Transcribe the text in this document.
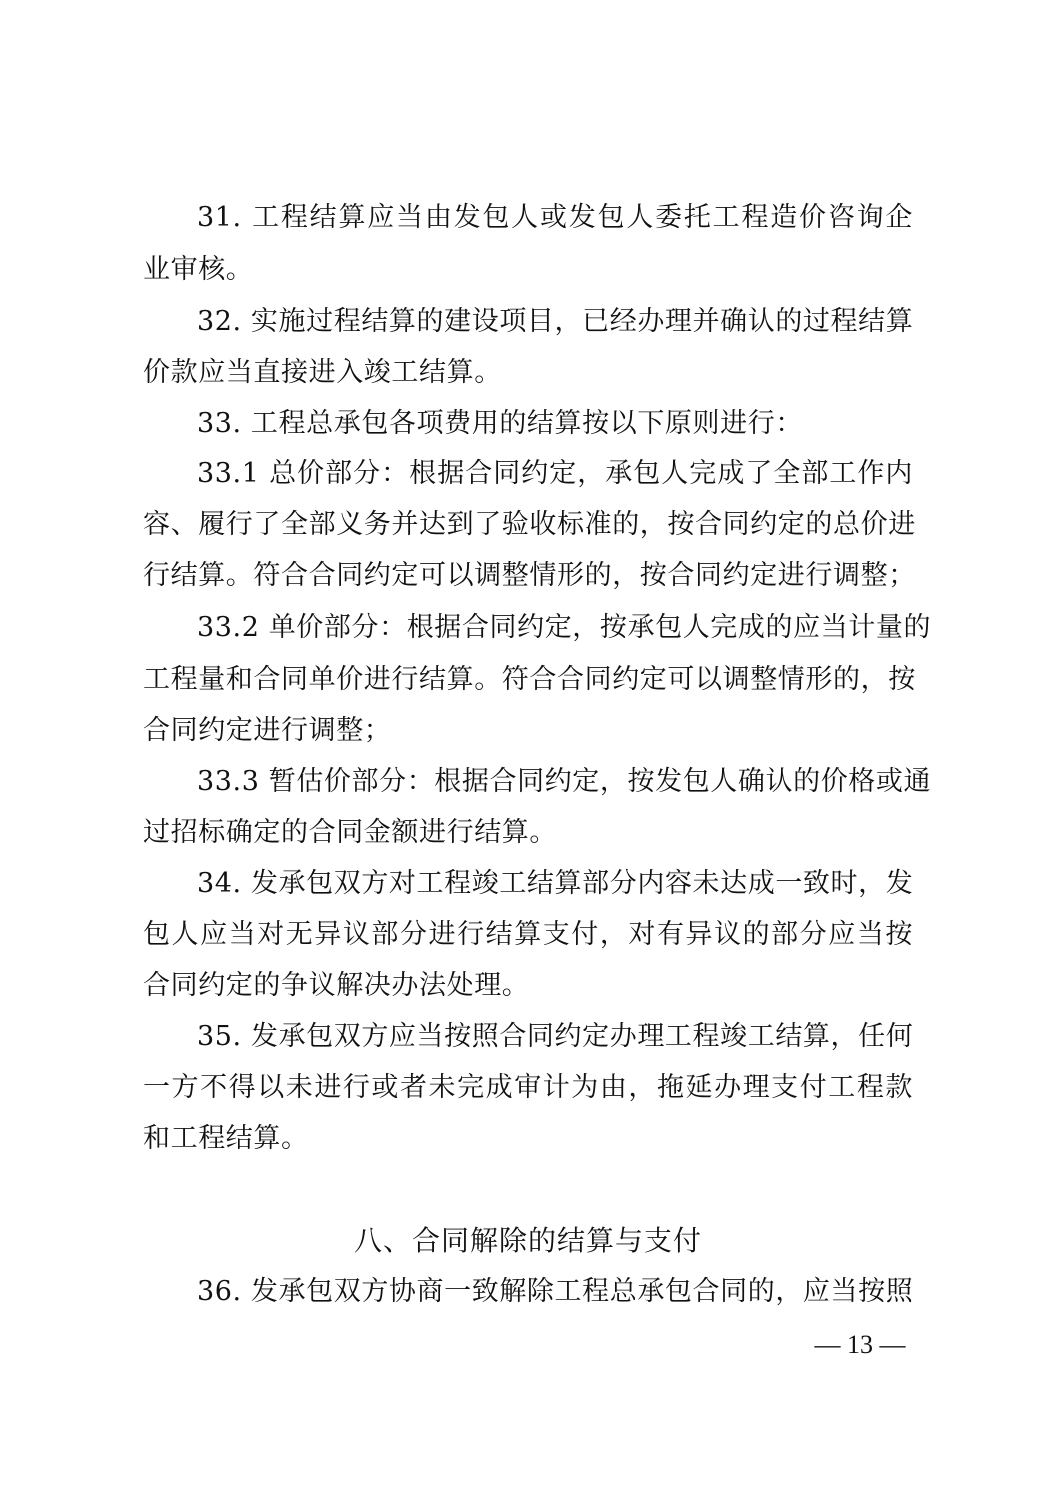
31. 工程结算应当由发包人或发包人委托工程造价咨询企
业审核。
32. 实施过程结算的建设项目，已经办理并确认的过程结算
价款应当直接进入竣工结算。
33. 工程总承包各项费用的结算按以下原则进行：
33.1 总价部分：根据合同约定，承包人完成了全部工作内
容、履行了全部义务并达到了验收标准的，按合同约定的总价进
行结算。符合合同约定可以调整情形的，按合同约定进行调整；
33.2 单价部分：根据合同约定，按承包人完成的应当计量的
工程量和合同单价进行结算。符合合同约定可以调整情形的，按
合同约定进行调整；
33.3 暂估价部分：根据合同约定，按发包人确认的价格或通
过招标确定的合同金额进行结算。
34. 发承包双方对工程竣工结算部分内容未达成一致时，发
包人应当对无异议部分进行结算支付，对有异议的部分应当按
合同约定的争议解决办法处理。
35. 发承包双方应当按照合同约定办理工程竣工结算，任何
一方不得以未进行或者未完成审计为由，拖延办理支付工程款
和工程结算。
八、合同解除的结算与支付
36. 发承包双方协商一致解除工程总承包合同的，应当按照
— 13 —
